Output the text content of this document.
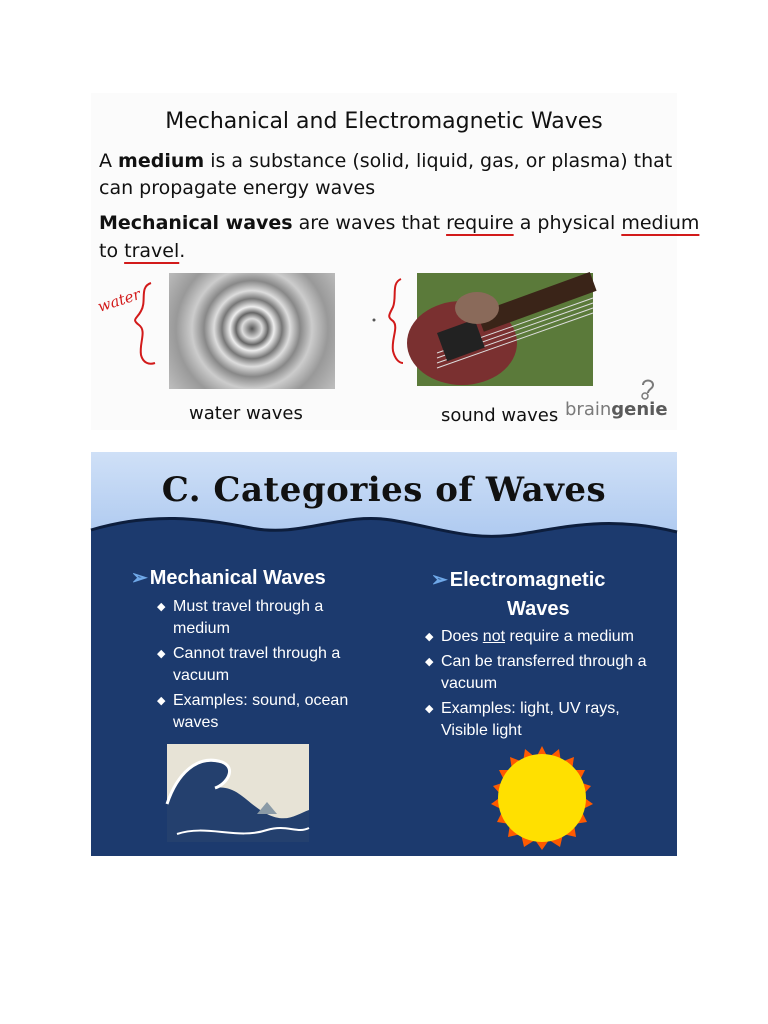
Mechanical and Electromagnetic Waves
A medium is a substance (solid, liquid, gas, or plasma) that
can propagate energy waves
Mechanical waves are waves that require a physical medium
to travel.
water
water waves	sound waves braingenie
C. Categories of Waves
➢ Mechanical Waves
◆ Must travel through a medium
◆ Cannot travel through a vacuum
◆ Examples: sound, ocean waves
➢ Electromagnetic
Waves
◆ Does not require a medium
◆ Can be transferred through a vacuum
◆ Examples: light, UV rays, Visible light
